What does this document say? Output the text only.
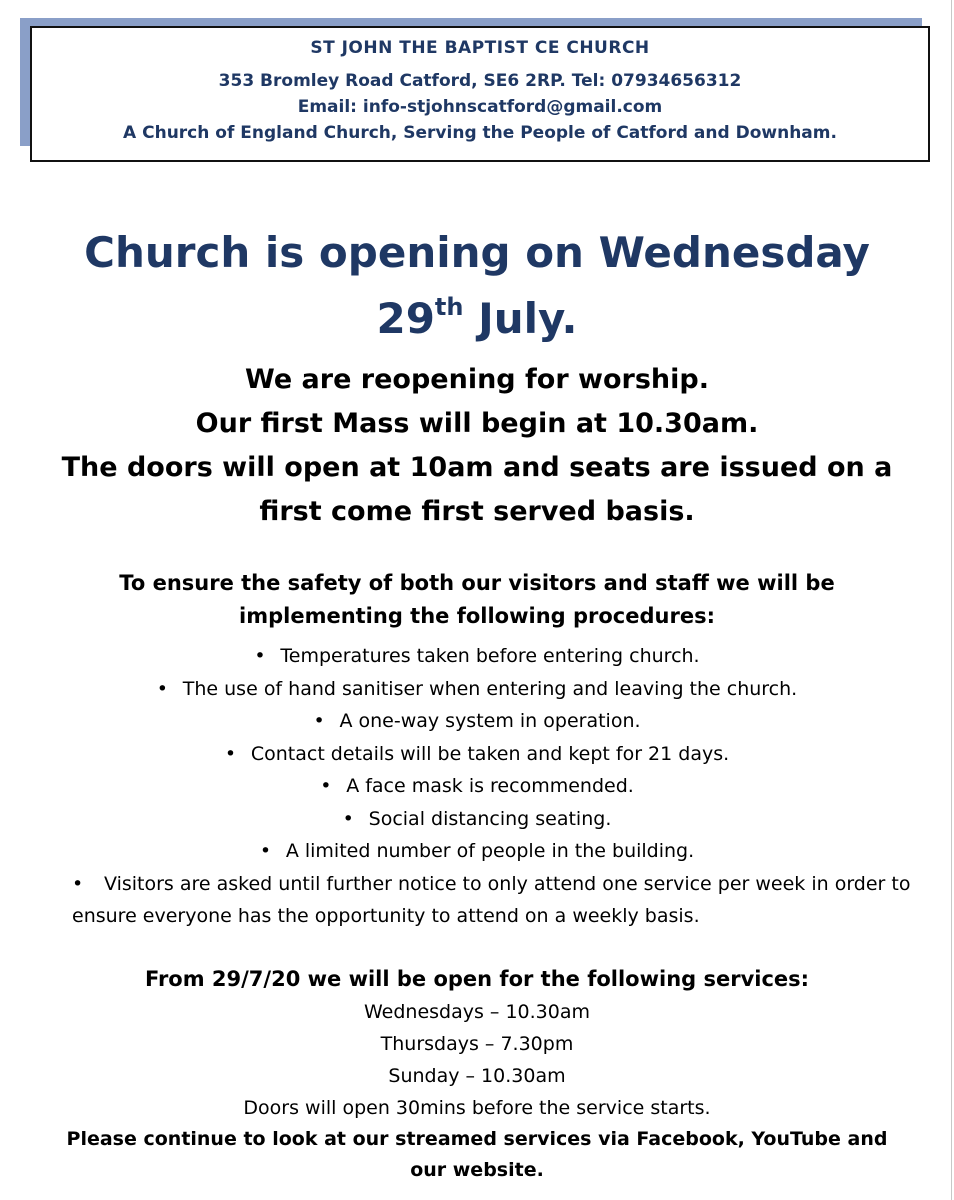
ST JOHN THE BAPTIST CE CHURCH
353 Bromley Road Catford, SE6 2RP. Tel: 07934656312
Email: info-stjohnscatford@gmail.com
A Church of England Church, Serving the People of Catford and Downham.
Church is opening on Wednesday
29th July.
We are reopening for worship.
Our first Mass will begin at 10.30am.
The doors will open at 10am and seats are issued on a
first come first served basis.
To ensure the safety of both our visitors and staff we will be
implementing the following procedures:
• Temperatures taken before entering church.
• The use of hand sanitiser when entering and leaving the church.
• A one-way system in operation.
• Contact details will be taken and kept for 21 days.
• A face mask is recommended.
• Social distancing seating.
• A limited number of people in the building.
• Visitors are asked until further notice to only attend one service per week in order to ensure everyone has the opportunity to attend on a weekly basis.
From 29/7/20 we will be open for the following services:
Wednesdays – 10.30am
Thursdays – 7.30pm
Sunday – 10.30am
Doors will open 30mins before the service starts.
Please continue to look at our streamed services via Facebook, YouTube and our website.
